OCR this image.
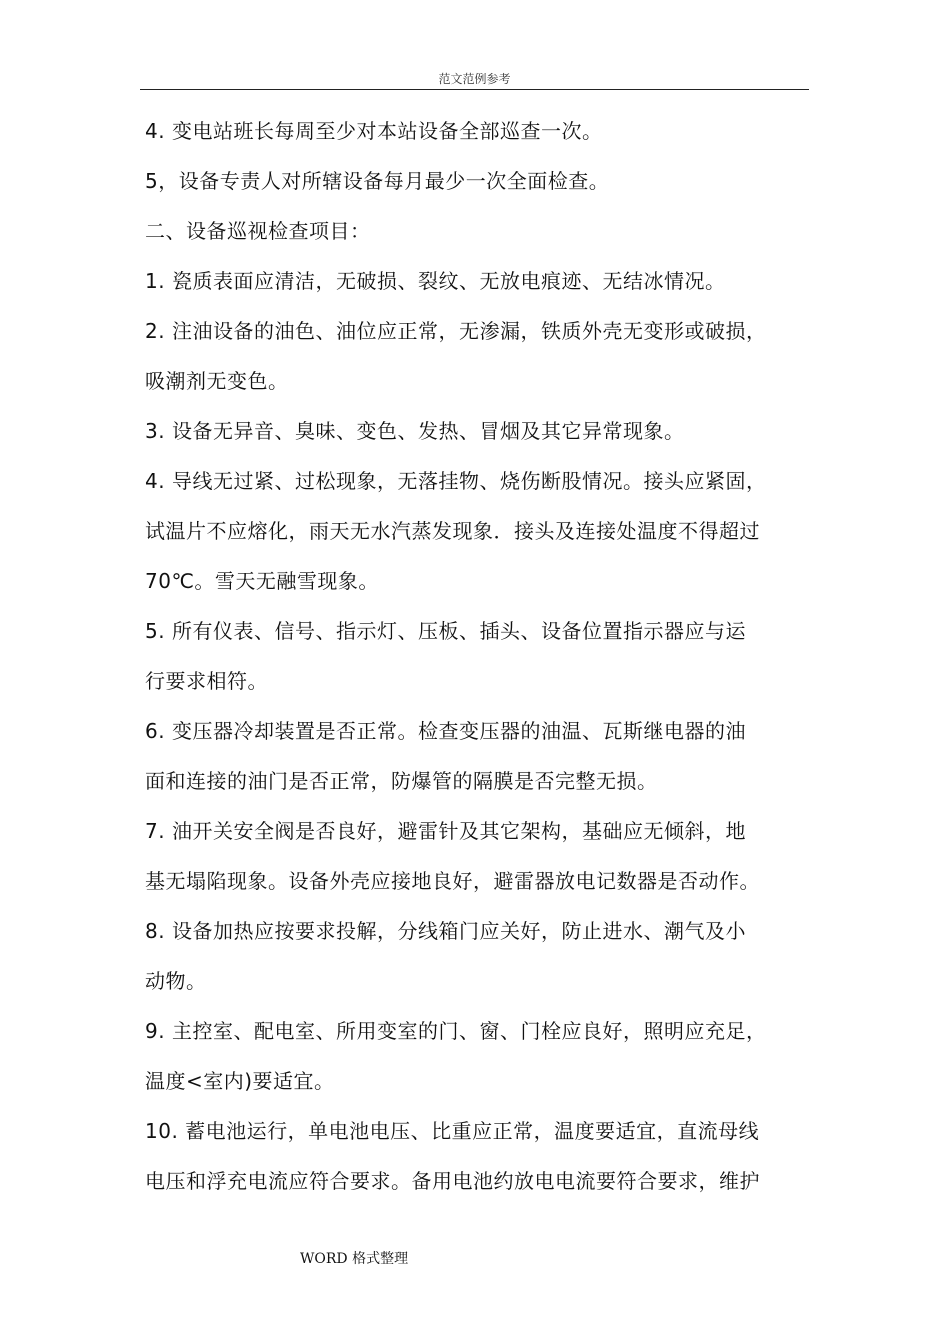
范文范例参考
4. 变电站班长每周至少对本站设备全部巡查一次。
5，设备专责人对所辖设备每月最少一次全面检查。
二、设备巡视检查项目：
1. 瓷质表面应清洁，无破损、裂纹、无放电痕迹、无结冰情况。
2. 注油设备的油色、油位应正常，无渗漏，铁质外壳无变形或破损，
吸潮剂无变色。
3. 设备无异音、臭味、变色、发热、冒烟及其它异常现象。
4. 导线无过紧、过松现象，无落挂物、烧伤断股情况。接头应紧固，
试温片不应熔化，雨天无水汽蒸发现象．接头及连接处温度不得超过
70℃。雪天无融雪现象。
5. 所有仪表、信号、指示灯、压板、插头、设备位置指示器应与运
行要求相符。
6. 变压器冷却装置是否正常。检查变压器的油温、瓦斯继电器的油
面和连接的油门是否正常，防爆管的隔膜是否完整无损。
7. 油开关安全阀是否良好，避雷针及其它架构，基础应无倾斜，地
基无塌陷现象。设备外壳应接地良好，避雷器放电记数器是否动作。
8. 设备加热应按要求投解，分线箱门应关好，防止进水、潮气及小
动物。
9. 主控室、配电室、所用变室的门、窗、门栓应良好，照明应充足，
温度<室内)要适宜。
10. 蓄电池运行，单电池电压、比重应正常，温度要适宜，直流母线
电压和浮充电流应符合要求。备用电池约放电电流要符合要求，维护
WORD 格式整理
